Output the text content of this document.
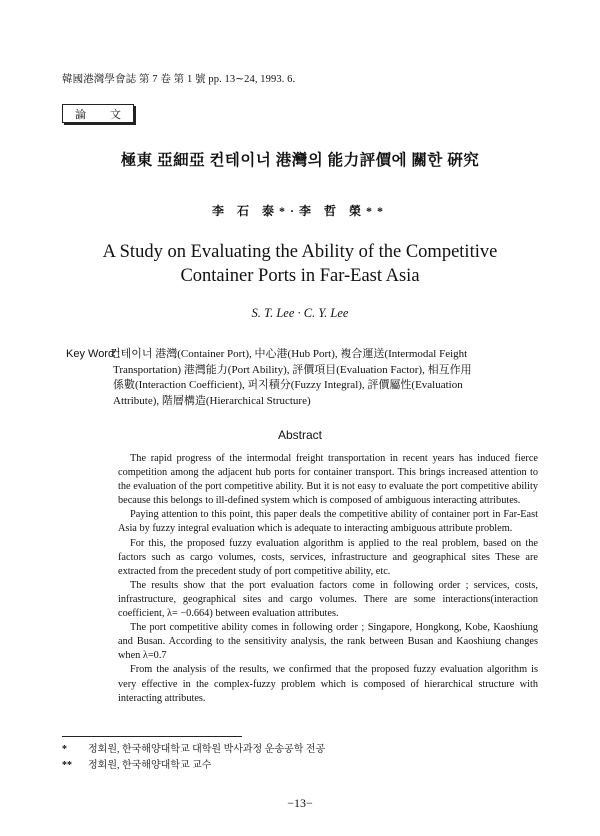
韓國港灣學會誌 第 7 卷 第 1 號 pp. 13∼24, 1993. 6.
論 文
極東 亞細亞 컨테이너 港灣의 能力評價에 關한 硏究
李 石 泰*·李 哲 榮**
A Study on Evaluating the Ability of the Competitive
Container Ports in Far-East Asia
S. T. Lee · C. Y. Lee
Key Word :
컨테이너 港灣(Container Port), 中心港(Hub Port), 複合運送(Intermodal Feight
Transportation) 港灣能力(Port Ability), 評價項目(Evaluation Factor), 相互作用
係數(Interaction Coefficient), 퍼지積分(Fuzzy Integral), 評價屬性(Evaluation
Attribute), 階層構造(Hierarchical Structure)
Abstract

The rapid progress of the intermodal freight transportation in recent years has induced fierce competition among the adjacent hub ports for container transport. This brings increased attention to the evaluation of the port competitive ability. But it is not easy to evaluate the port competitive ability because this belongs to ill-defined system which is composed of ambiguous interacting attributes.

Paying attention to this point, this paper deals the competitive ability of container port in Far-East Asia by fuzzy integral evaluation which is adequate to interacting ambiguous attribute problem.

For this, the proposed fuzzy evaluation algorithm is applied to the real problem, based on the factors such as cargo volumes, costs, services, infrastructure and geographical sites These are extracted from the precedent study of port competitive ability, etc.

The results show that the port evaluation factors come in following order ; services, costs, infrastructure, geographical sites and cargo volumes. There are some interactions(interaction coefficient, λ= −0.664) between evaluation attributes.

The port competitive ability comes in following order ; Singapore, Hongkong, Kobe, Kaoshiung and Busan. According to the sensitivity analysis, the rank between Busan and Kaoshiung changes when λ=0.7

From the analysis of the results, we confirmed that the proposed fuzzy evaluation algorithm is very effective in the complex-fuzzy problem which is composed of hierarchical structure with interacting attributes.

* 정회원, 한국해양대학교 대학원 박사과정 운송공학 전공
** 정회원, 한국해양대학교 교수
−13−
